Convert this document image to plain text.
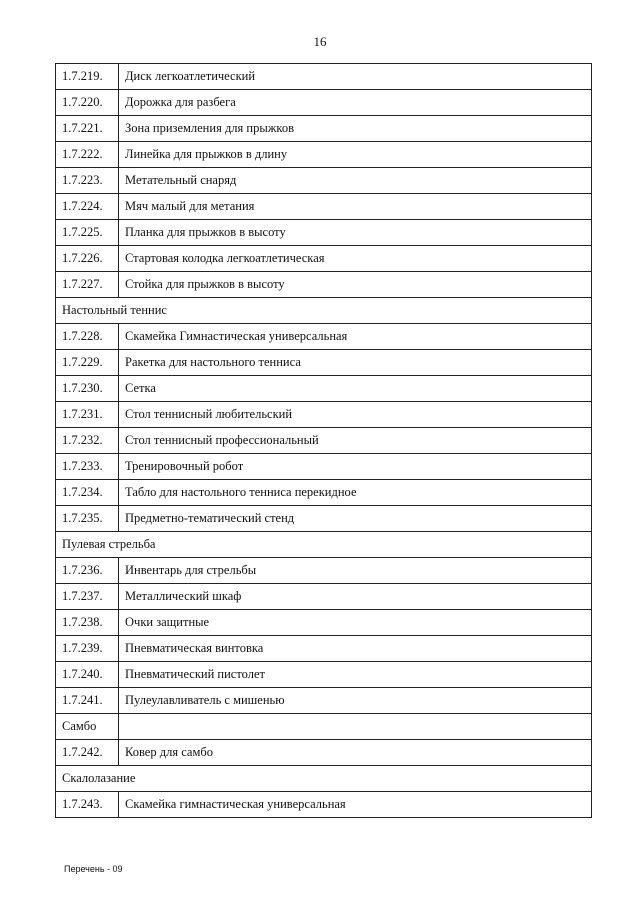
16
1.7.219.	Диск легкоатлетический
1.7.220.	Дорожка для разбега
1.7.221.	Зона приземления для прыжков
1.7.222.	Линейка для прыжков в длину
1.7.223.	Метательный снаряд
1.7.224.	Мяч малый для метания
1.7.225.	Планка для прыжков в высоту
1.7.226.	Стартовая колодка легкоатлетическая
1.7.227.	Стойка для прыжков в высоту
Настольный теннис	
1.7.228.	Скамейка Гимнастическая универсальная
1.7.229.	Ракетка для настольного тенниса
1.7.230.	Сетка
1.7.231.	Стол теннисный любительский
1.7.232.	Стол теннисный профессиональный
1.7.233.	Тренировочный робот
1.7.234.	Табло для настольного тенниса перекидное
1.7.235.	Предметно-тематический стенд
Пулевая стрельба	
1.7.236.	Инвентарь для стрельбы
1.7.237.	Металлический шкаф
1.7.238.	Очки защитные
1.7.239.	Пневматическая винтовка
1.7.240.	Пневматический пистолет
1.7.241.	Пулеулавливатель с мишенью
Самбо	
1.7.242.	Ковер для самбо
Скалолазание	
1.7.243.	Скамейка гимнастическая универсальная
Перечень - 09
